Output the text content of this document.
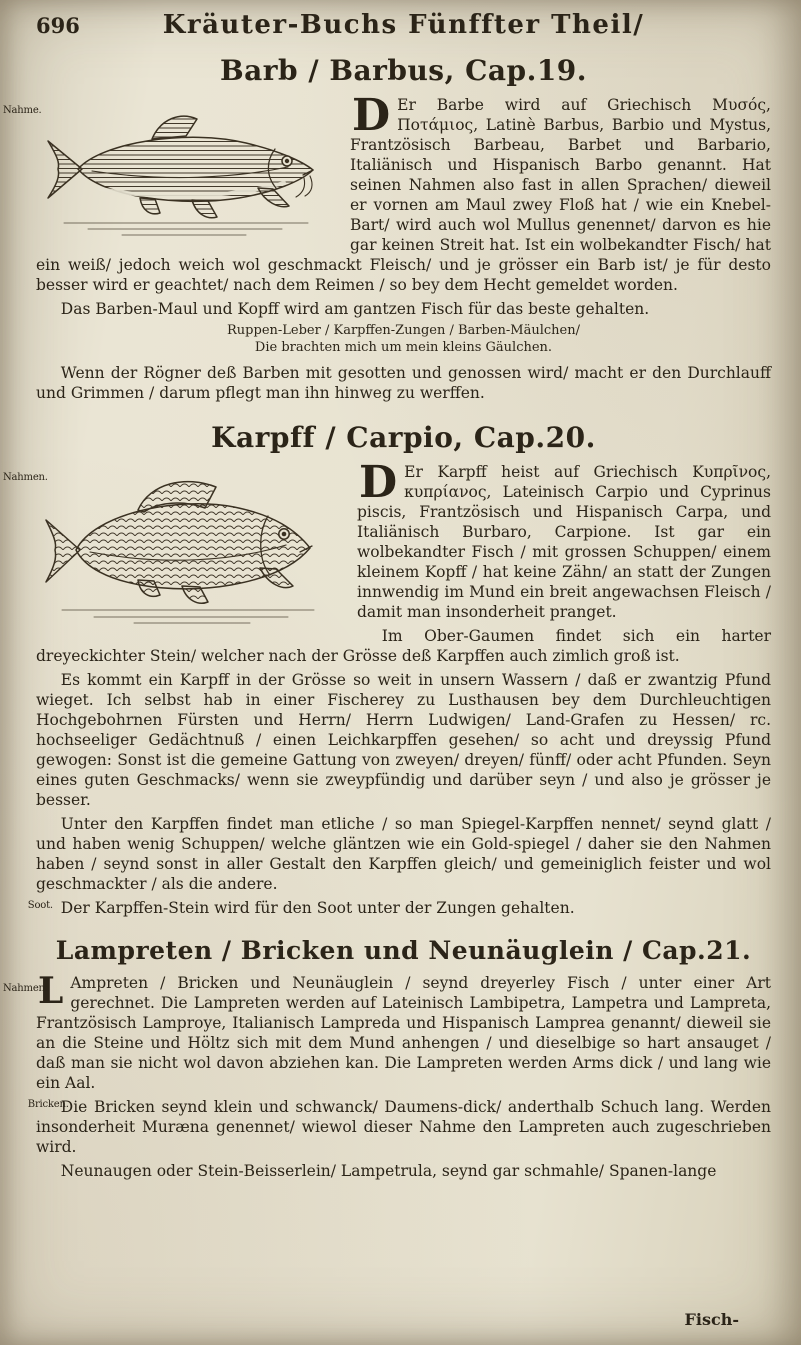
696	Kräuter-Buchs Fünffter Theil/
Barb / Barbus, Cap.19.
Nahme.	D Er Barbe wird auf Griechisch Μυσός, Ποτάμιος, Latinè Barbus, Barbio und Mystus, Frantzösisch Barbeau, Barbet und Barbario, Italiänisch und Hispanisch Barbo genannt. Hat seinen Nahmen also fast in allen Sprachen/ dieweil er vornen am Maul zwey Floß hat / wie ein Knebel-Bart/ wird auch wol Mullus genennet/ darvon es hie gar keinen Streit hat. Ist ein wolbekandter Fisch/ hat ein weiß/ jedoch weich wol geschmackt Fleisch/ und je grösser ein Barb ist/ je für desto besser wird er geachtet/ nach dem Reimen / so bey dem Hecht gemeldet worden.

Das Barben-Maul und Kopff wird am gantzen Fisch für das beste gehalten.

Ruppen-Leber / Karpffen-Zungen / Barben-Mäulchen/
Die brachten mich um mein kleins Gäulchen.

Wenn der Rögner deß Barben mit gesotten und genossen wird/ macht er den Durchlauff und Grimmen / darum pflegt man ihn hinweg zu werffen.

Karpff / Carpio, Cap.20.
Nahmen.	D Er Karpff heist auf Griechisch Κυπρῖνος, κυπρίανος, Lateinisch Carpio und Cyprinus piscis, Frantzösisch und Hispanisch Carpa, und Italiänisch Burbaro, Carpione. Ist gar ein wolbekandter Fisch / mit grossen Schuppen/ einem kleinem Kopff / hat keine Zähn/ an statt der Zungen innwendig im Mund ein breit angewachsen Fleisch / damit man insonderheit pranget.

Im Ober-Gaumen findet sich ein harter dreyeckichter Stein/ welcher nach der Grösse deß Karpffen auch zimlich groß ist.

Es kommt ein Karpff in der Grösse so weit in unsern Wassern / daß er zwantzig Pfund wieget. Ich selbst hab in einer Fischerey zu Lusthausen bey dem Durchleuchtigen Hochgebohrnen Fürsten und Herrn/ Herrn Ludwigen/ Land-Grafen zu Hessen/ rc. hochseeliger Gedächtnuß / einen Leichkarpffen gesehen/ so acht und dreyssig Pfund gewogen: Sonst ist die gemeine Gattung von zweyen/ dreyen/ fünff/ oder acht Pfunden. Seyn eines guten Geschmacks/ wenn sie zweypfündig und darüber seyn / und also je grösser je besser.

Unter den Karpffen findet man etliche / so man Spiegel-Karpffen nennet/ seynd glatt / und haben wenig Schuppen/ welche gläntzen wie ein Gold-spiegel / daher sie den Nahmen haben / seynd sonst in aller Gestalt den Karpffen gleich/ und gemeiniglich feister und wol geschmackter / als die andere.

Soot. Der Karpffen-Stein wird für den Soot unter der Zungen gehalten.

Lampreten / Bricken und Neunäuglein / Cap.21.
Nahmen.

L Ampreten / Bricken und Neunäuglein / seynd dreyerley Fisch / unter einer Art gerechnet. Die Lampreten werden auf Lateinisch Lambipetra, Lampetra und Lampreta, Frantzösisch Lamproye, Italianisch Lampreda und Hispanisch Lamprea genannt/ dieweil sie an die Steine und Höltz sich mit dem Mund anhengen / und dieselbige so hart ansauget / daß man sie nicht wol davon abziehen kan. Die Lampreten werden Arms dick / und lang wie ein Aal.

Bricken.
Die Bricken seynd klein und schwanck/ Daumens-dick/ anderthalb Schuch lang. Werden insonderheit Muræna genennet/ wiewol dieser Nahme den Lampreten auch zugeschrieben wird.

Neunaugen oder Stein-Beisserlein/ Lampetrula, seynd gar schmahle/ Spanen-lange

Fisch-
